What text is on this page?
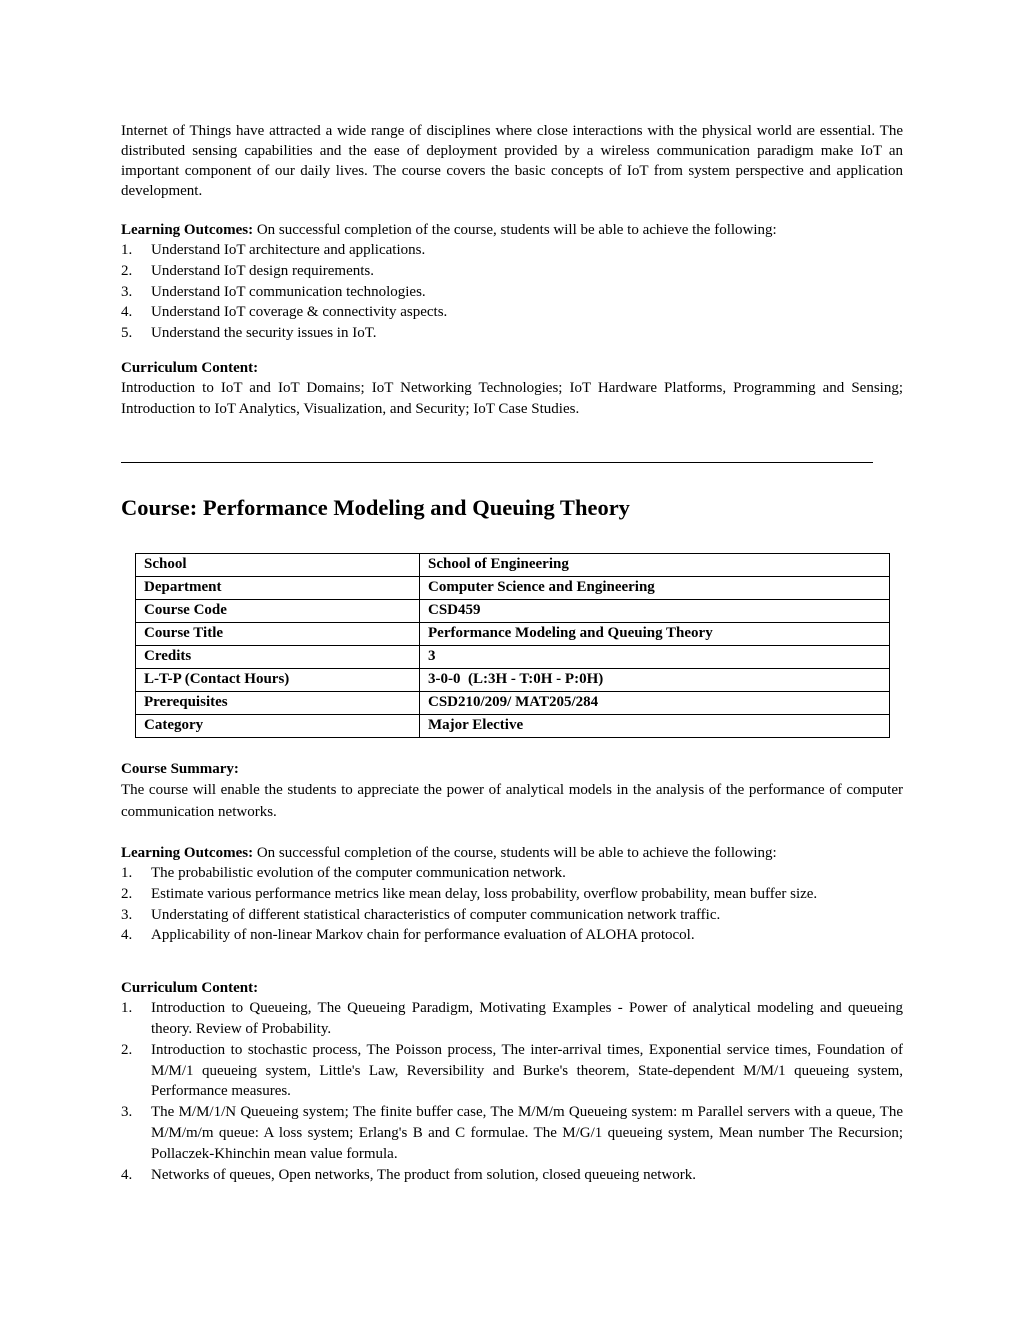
Internet of Things have attracted a wide range of disciplines where close interactions with the physical world are essential. The distributed sensing capabilities and the ease of deployment provided by a wireless communication paradigm make IoT an important component of our daily lives. The course covers the basic concepts of IoT from system perspective and application development.

Learning Outcomes: On successful completion of the course, students will be able to achieve the following:

1. Understand IoT architecture and applications.
2. Understand IoT design requirements.
3. Understand IoT communication technologies.
4. Understand IoT coverage & connectivity aspects.
5. Understand the security issues in IoT.

Curriculum Content:

Introduction to IoT and IoT Domains; IoT Networking Technologies; IoT Hardware Platforms, Programming and Sensing; Introduction to IoT Analytics, Visualization, and Security; IoT Case Studies.

Course: Performance Modeling and Queuing Theory
School	School of Engineering
Department	Computer Science and Engineering
Course Code	CSD459
Course Title	Performance Modeling and Queuing Theory
Credits	3
L-T-P (Contact Hours)	3-0-0  (L:3H - T:0H - P:0H)
Prerequisites	CSD210/209/ MAT205/284
Category	Major Elective

Course Summary:

The course will enable the students to appreciate the power of analytical models in the analysis of the performance of computer communication networks.

Learning Outcomes: On successful completion of the course, students will be able to achieve the following:

1. The probabilistic evolution of the computer communication network.
2. Estimate various performance metrics like mean delay, loss probability, overflow probability, mean buffer size.
3. Understating of different statistical characteristics of computer communication network traffic.
4. Applicability of non-linear Markov chain for performance evaluation of ALOHA protocol.

Curriculum Content:

1. Introduction to Queueing, The Queueing Paradigm, Motivating Examples - Power of analytical modeling and queueing theory. Review of Probability.
2. Introduction to stochastic process, The Poisson process, The inter-arrival times, Exponential service times, Foundation of M/M/1 queueing system, Little's Law, Reversibility and Burke's theorem, State-dependent M/M/1 queueing system, Performance measures.
3. The M/M/1/N Queueing system; The finite buffer case, The M/M/m Queueing system: m Parallel servers with a queue, The M/M/m/m queue: A loss system; Erlang's B and C formulae. The M/G/1 queueing system, Mean number The Recursion; Pollaczek-Khinchin mean value formula.
4. Networks of queues, Open networks, The product from solution, closed queueing network.
